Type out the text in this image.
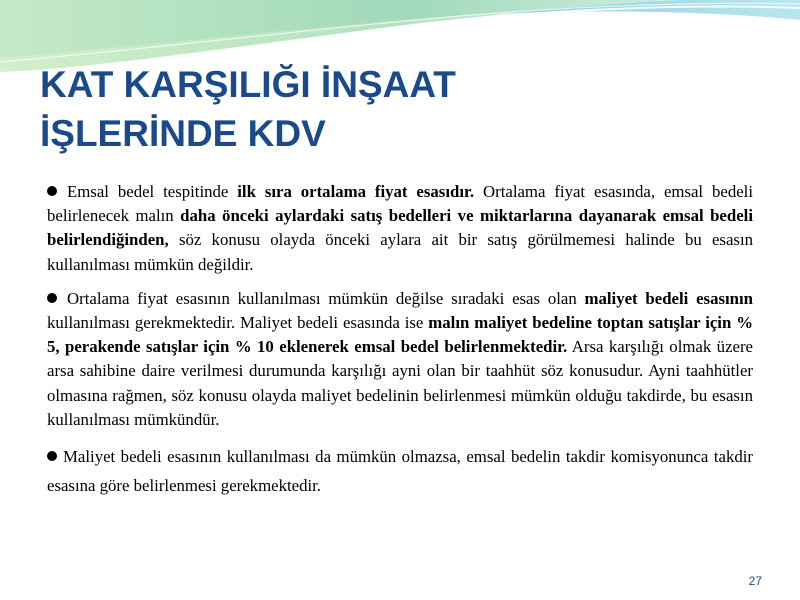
KAT KARŞILIĞI İNŞAAT
İŞLERİNDE KDV

Emsal bedel tespitinde ilk sıra ortalama fiyat esasıdır. Ortalama fiyat esasında, emsal bedeli belirlenecek malın daha önceki aylardaki satış bedelleri ve miktarlarına dayanarak emsal bedeli belirlendiğinden, söz konusu olayda önceki aylara ait bir satış görülmemesi halinde bu esasın kullanılması mümkün değildir.

Ortalama fiyat esasının kullanılması mümkün değilse sıradaki esas olan maliyet bedeli esasının kullanılması gerekmektedir. Maliyet bedeli esasında ise malın maliyet bedeline toptan satışlar için % 5, perakende satışlar için % 10 eklenerek emsal bedel belirlenmektedir. Arsa karşılığı olmak üzere arsa sahibine daire verilmesi durumunda karşılığı ayni olan bir taahhüt söz konusudur. Ayni taahhütler olmasına rağmen, söz konusu olayda maliyet bedelinin belirlenmesi mümkün olduğu takdirde, bu esasın kullanılması mümkündür.

Maliyet bedeli esasının kullanılması da mümkün olmazsa, emsal bedelin takdir komisyonunca takdir esasına göre belirlenmesi gerekmektedir.

27
